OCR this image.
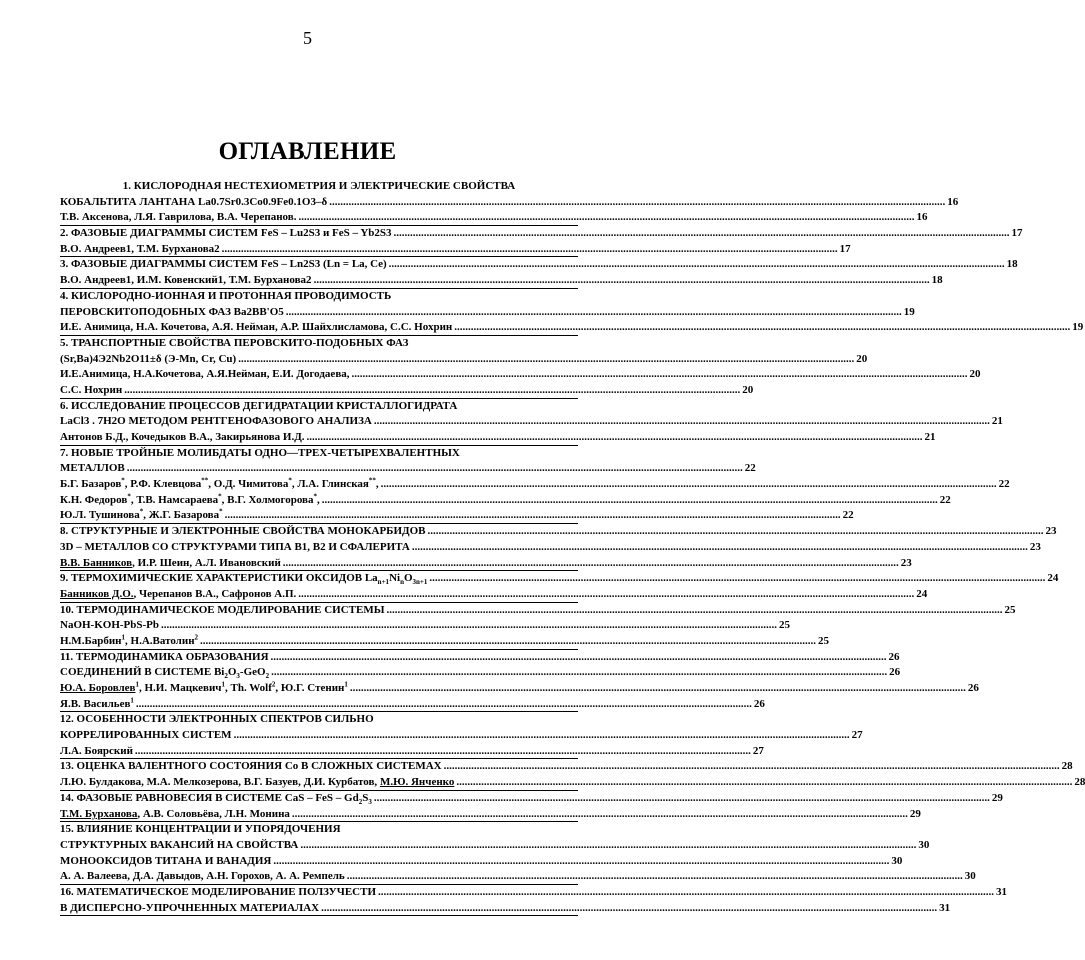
5
ОГЛАВЛЕНИЕ
1. КИСЛОРОДНАЯ НЕСТЕХИОМЕТРИЯ И ЭЛЕКТРИЧЕСКИЕ СВОЙСТВА
КОБАЛЬТИТА ЛАНТАНА La0.7Sr0.3Co0.9Fe0.1O3–δ .....	16
Т.В. Аксенова, Л.Я. Гаврилова, В.А. Черепанов. .....	16
2. ФАЗОВЫЕ ДИАГРАММЫ СИСТЕМ FeS – Lu2S3 и FeS – Yb2S3 .....	17
В.О. Андреев1, Т.М. Бурханова2 .....	17
3. ФАЗОВЫЕ ДИАГРАММЫ СИСТЕМ FeS – Ln2S3 (Ln = La, Ce) .....	18
В.О. Андреев1, И.М. Ковенский1, Т.М. Бурханова2 .....	18
4. КИСЛОРОДНО-ИОННАЯ И ПРОТОННАЯ ПРОВОДИМОСТЬ
ПЕРОВСКИТОПОДОБНЫХ ФАЗ Ba2BB'O5 .....	19
И.Е. Анимица, Н.А. Кочетова, А.Я. Нейман, А.Р. Шайхлисламова, С.С. Нохрин .....	19
5. ТРАНСПОРТНЫЕ СВОЙСТВА ПЕРОВСКИТО-ПОДОБНЫХ ФАЗ
(Sr,Ba)4Э2Nb2O11±δ (Э-Mn, Cr, Cu) .....	20
И.Е.Анимица, Н.А.Кочетова, А.Я.Нейман, Е.И. Догодаева, .....	20
С.С. Нохрин .....	20
6. ИССЛЕДОВАНИЕ ПРОЦЕССОВ ДЕГИДРАТАЦИИ КРИСТАЛЛОГИДРАТА
LaCl3 . 7H2O МЕТОДОМ РЕНТГЕНОФАЗОВОГО АНАЛИЗА .....	21
Антонов Б.Д., Кочедыков В.А., Закирьянова И.Д. .....	21
7. НОВЫЕ ТРОЙНЫЕ МОЛИБДАТЫ ОДНО—ТРЕХ-ЧЕТЫРЕХВАЛЕНТНЫХ
МЕТАЛЛОВ .....	22
Б.Г. Базаров*, Р.Ф. Клевцова**, О.Д. Чимитова*, Л.А. Глинская**, .....	22
К.Н. Федоров*, Т.В. Намсараева*, В.Г. Холмогорова*, .....	22
Ю.Л. Тушинова*, Ж.Г. Базарова* .....	22
8. СТРУКТУРНЫЕ И ЭЛЕКТРОННЫЕ СВОЙСТВА МОНОКАРБИДОВ .....	23
3D – МЕТАЛЛОВ СО СТРУКТУРАМИ ТИПА B1, B2 И СФАЛЕРИТА .....	23
В.В. Банников, И.Р. Шеин, А.Л. Ивановский .....	23
9. ТЕРМОХИМИЧЕСКИЕ ХАРАКТЕРИСТИКИ ОКСИДОВ $La_{n+1}Ni_nO_{3n+1}$ .....	24
Банников Д.О., Черепанов В.А., Сафронов А.П. .....	24
10. ТЕРМОДИНАМИЧЕСКОЕ МОДЕЛИРОВАНИЕ СИСТЕМЫ .....	25
NaOH-KOH-PbS-Pb .....	25
Н.М.Барбин$^1$, Н.А.Ватолин$^2$ .....	25
11. ТЕРМОДИНАМИКА ОБРАЗОВАНИЯ .....	26
СОЕДИНЕНИЙ В СИСТЕМЕ $Bi_2O_3-GeO_2$ .....	26
Ю.А. Боровлев$^1$, Н.И. Мацкевич$^1$, Th. Wolf$^2$, Ю.Г. Стенин$^1$ .....	26
Я.В. Васильев$^1$ .....	26
12. ОСОБЕННОСТИ ЭЛЕКТРОННЫХ СПЕКТРОВ СИЛЬНО
КОРРЕЛИРОВАННЫХ СИСТЕМ .....	27
Л.А. Боярский .....	27
13. ОЦЕНКА ВАЛЕНТНОГО СОСТОЯНИЯ Co В СЛОЖНЫХ СИСТЕМАХ .....	28
Л.Ю. Булдакова, М.А. Мелкозерова, В.Г. Базуев, Д.И. Курбатов, М.Ю. Янченко .....	28
14. ФАЗОВЫЕ РАВНОВЕСИЯ В СИСТЕМЕ CaS – FeS – $Gd_2S_3$ .....	29
Т.М. Бурханова, А.В. Соловьёва, Л.Н. Монина .....	29
15. ВЛИЯНИЕ КОНЦЕНТРАЦИИ И УПОРЯДОЧЕНИЯ
СТРУКТУРНЫХ ВАКАНСИЙ НА СВОЙСТВА .....	30
МОНООКСИДОВ ТИТАНА И ВАНАДИЯ .....	30
А. А. Валеева, Д.А. Давыдов, А.Н. Горохов, А. А. Ремпель .....	30
16. МАТЕМАТИЧЕСКОЕ МОДЕЛИРОВАНИЕ ПОЛЗУЧЕСТИ .....	31
В ДИСПЕРСНО-УПРОЧНЕННЫХ МАТЕРИАЛАХ .....	31
